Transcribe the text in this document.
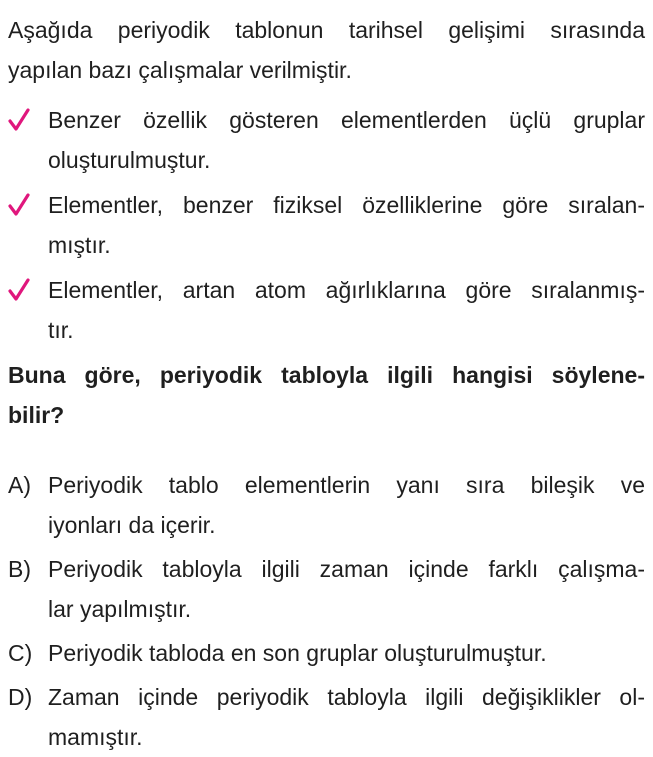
Aşağıda periyodik tablonun tarihsel gelişimi sırasında
yapılan bazı çalışmalar verilmiştir.

Benzer özellik gösteren elementlerden üçlü gruplar
oluşturulmuştur.
Elementler, benzer fiziksel özelliklerine göre sıralan-
mıştır.
Elementler, artan atom ağırlıklarına göre sıralanmış-
tır.

Buna göre, periyodik tabloyla ilgili hangisi söylene-
bilir?

A) Periyodik tablo elementlerin yanı sıra bileşik ve
iyonları da içerir.
B) Periyodik tabloyla ilgili zaman içinde farklı çalışma-
lar yapılmıştır.
C) Periyodik tabloda en son gruplar oluşturulmuştur.
D) Zaman içinde periyodik tabloyla ilgili değişiklikler ol-
mamıştır.
